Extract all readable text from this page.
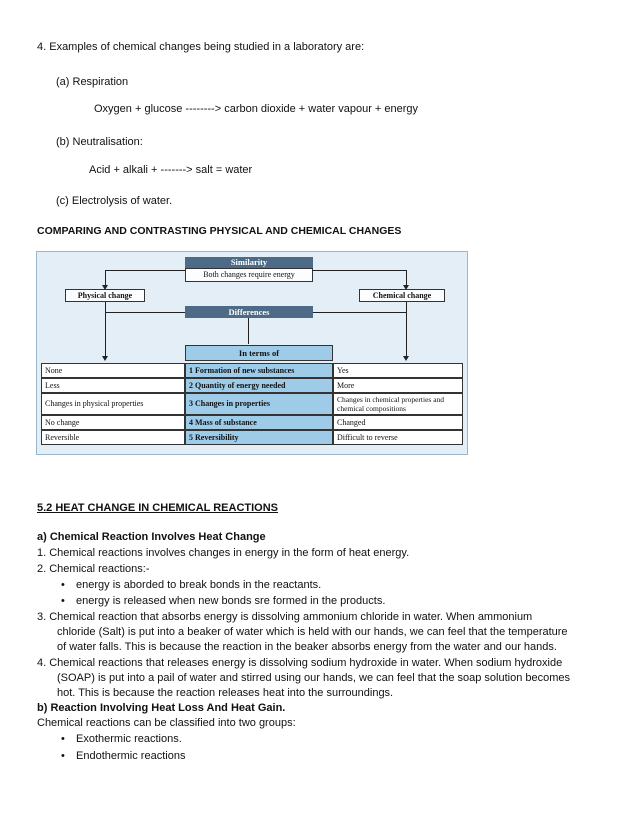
4. Examples of chemical changes being studied in a laboratory are:
(a) Respiration
Oxygen + glucose --------> carbon dioxide + water vapour + energy
(b) Neutralisation:
Acid + alkali + -------> salt = water
(c) Electrolysis of water.
COMPARING AND CONTRASTING PHYSICAL AND CHEMICAL CHANGES
Similarity
Both changes require energy
Physical change	Chemical change
Differences
In terms of
None	1 Formation of new substances	Yes
Less	2 Quantity of energy needed	More
Changes in physical properties	3 Changes in properties	Changes in chemical properties and chemical compositions
No change	4 Mass of substance	Changed
Reversible	5 Reversibility	Difficult to reverse
5.2 HEAT CHANGE IN CHEMICAL REACTIONS
a) Chemical Reaction Involves Heat Change
1. Chemical reactions involves changes in energy in the form of heat energy.
2. Chemical reactions:-
• energy is aborded to break bonds in the reactants.
• energy is released when new bonds sre formed in the products.
3. Chemical reaction that absorbs energy is dissolving ammonium chloride in water. When ammonium
chloride (Salt) is put into a beaker of water which is held with our hands, we can feel that the temperature
of water falls. This is because the reaction in the beaker absorbs energy from the water and our hands.
4. Chemical reactions that releases energy is dissolving sodium hydroxide in water. When sodium hydroxide
(SOAP) is put into a pail of water and stirred using our hands, we can feel that the soap solution becomes
hot. This is because the reaction releases heat into the surroundings.
b) Reaction Involving Heat Loss And Heat Gain.
Chemical reactions can be classified into two groups:
• Exothermic reactions.
• Endothermic reactions
